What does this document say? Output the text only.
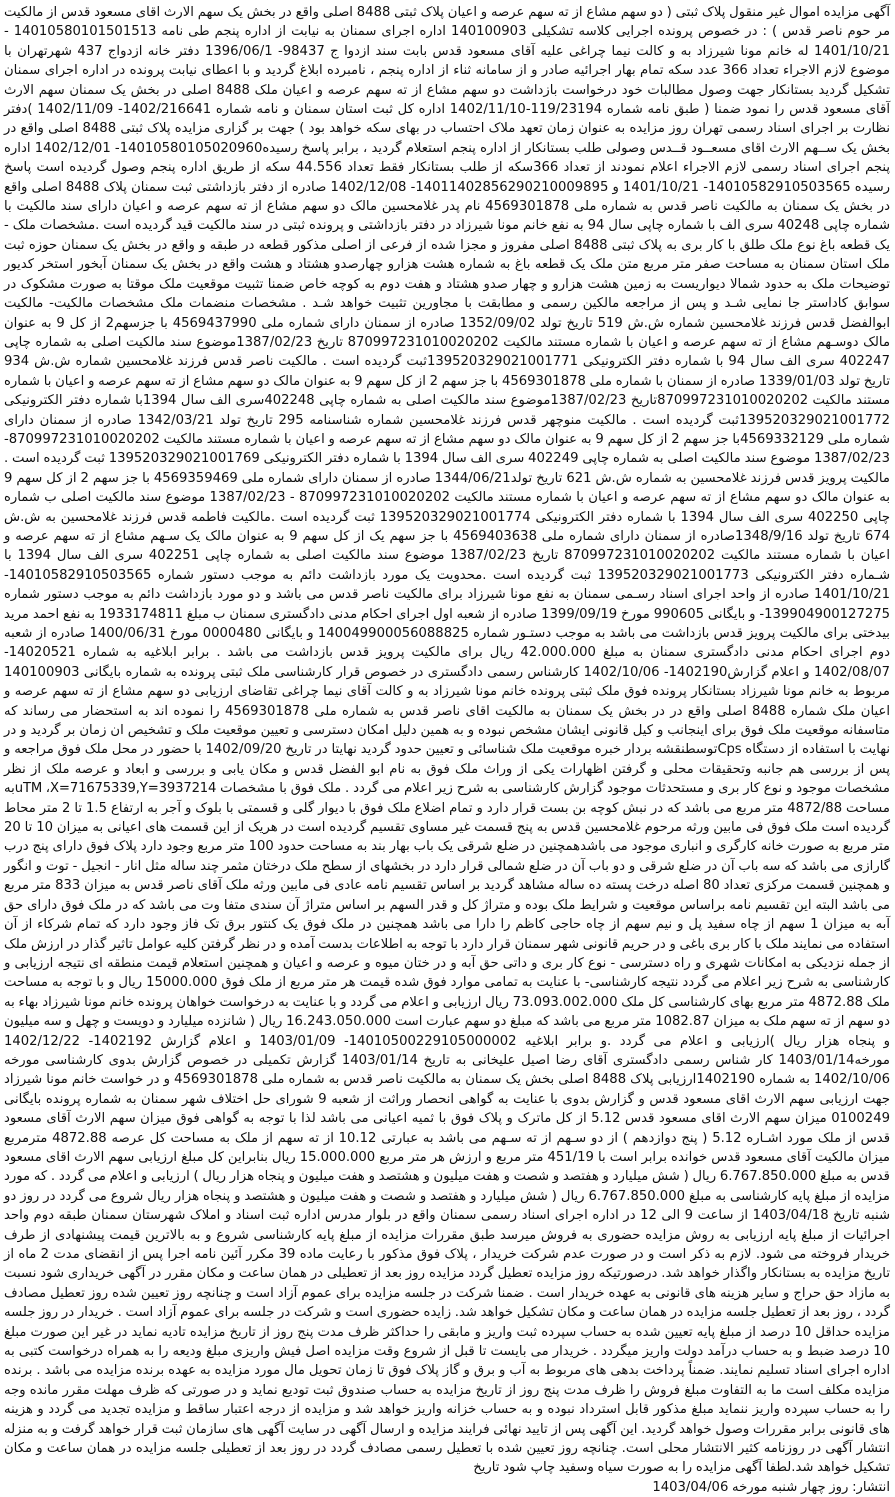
آگهی مزایده اموال غیر منقول پلاک ثبتی ( دو سهم مشاع از ته سهم عرصه و اعیان پلاک ثبتی 8488 اصلی واقع در بخش یک سهم الارث اقای مسعود قدس از مالکیت مر حوم ناصر قدس ) : در خصوص پرونده اجرایی کلاسه تشکیلی 140100903 اداره اجرای سمنان به نیابت از اداره پنجم طی نامه 14010580101501513 - 1401/10/21 له خانم مونا شیرزاد به و کالت نیما چراغی علیه آقای مسعود قدس بابت سند ازدوا ج 98437- 1396/06/1 دفتر خانه ازدواج 437 شهرتهران با موضوع لازم الاجراء تعداد 366 عدد سکه تمام بهار اجرائیه صادر و از سامانه ثناء از اداره پنجم ، نامبرده ابلاغ گردید و با اعطای نیابت پرونده در اداره اجرای سمنان تشکیل گردید بستانکار جهت وصول مطالبات خود درخواست بازداشت دو سهم مشاع از ته سهم عرصه و اعیان ملک 8488 اصلی در بخش یک سمنان سهم الارث آقای مسعود قدس را نمود ضمنا ( طبق نامه شماره 119/23194-1402/11/10 اداره کل ثبت استان سمنان و نامه شماره 1402/216641- 1402/11/09 )دفتر نظارت بر اجرای اسناد رسمی تهران روز مزایده به عنوان زمان تعهد ملاک احتساب در بهای سکه خواهد بود ) جهت بر گزاری مزایده پلاک ثبتی 8488 اصلی واقع در بخش یک ســهم الارث اقای مسعــود قــدس وصولی طلب بستانکار از اداره پنجم استعلام گردید ، برابر پاسخ رسیده14010580105020960- 1402/12/01 اداره پنجم اجرای اسناد رسمی لازم الاجراء اعلام نمودند از تعداد 366سکه از طلب بستانکار فقط تعداد 44.556 سکه از طریق اداره پنجم وصول گردیده است پاسخ رسیده 14010582910503565- 1401/10/21 و 14011402856290210009895- 1402/12/08 صادره از دفتر بازداشتی ثبت سمنان پلاک 8488 اصلی واقع در بخش یک سمنان به مالکیت ناصر قدس به شماره ملی 4569301878 نام پدر غلامحسین مالک دو سهم مشاع از ته سهم عرصه و اعیان دارای سند مالکیت با شماره چاپی 40248 سری الف با شماره چاپی سال 94 به نفع خانم مونا شیرزاد در دفتر بازداشتی و پرونده ثبتی در سند مالکیت قید گردیده است .مشخصات ملک - یک قطعه باغ نوع ملک طلق با کار بری به پلاک ثبتی 8488 اصلی مفروز و مجزا شده از فرعی از اصلی مذکور قطعه در طبقه و واقع در بخش یک سمنان حوزه ثبت ملک استان سمنان به مساحت صفر متر مربع متن ملک یک قطعه باغ به شماره هشت هزارو چهارصدو هشتاد و هشت واقع در بخش یک سمنان آبخور استخر کدیور توضیحات ملک به حدود شمالا دیواریست به زمین هشت هزارو و چهار صدو هشتاد و هفت دوم به کوچه خاص ضمنا تثبیت موقعیت ملک موقتا به صورت مشکوک در سوابق کاداستر جا نمایی شـد و پس از مراجعه مالکین رسمی و مطابقت با مجاورین تثبیت خواهد شـد . مشخصات منضمات ملک مشخصات مالکیت- مالکیت ابوالفضل قدس فرزند غلامحسین شماره ش.ش 519 تاریخ تولد 1352/09/02 صادره از سمنان دارای شماره ملی 4569437990 با جزسهم2 از کل 9 به عنوان مالک دوسـهم مشاع از ته سهم عرصه و اعیان با شماره مستند مالکیت 870997231010020202 تاریخ 1387/02/23موضوع سند مالکیت اصلی به شماره چاپی 402247 سری الف سال 94 با شماره دفتر الکترونیکی 139520329021001771ثبت گردیده است . مالکیت ناصر قدس فرزند غلامحسین شماره ش.ش 934 تاریخ تولد 1339/01/03 صادره از سمنان با شماره ملی 4569301878 با جز سهم 2 از کل سهم 9 به عنوان مالک دو سهم مشاع از ته سهم عرصه و اعیان با شماره مستند مالکیت 870997231010020202تاریخ 1387/02/23موضوع سند مالکیت اصلی به شماره چاپی 402248سری الف سال 1394با شماره دفتر الکترونیکی 139520329021001772ثبت گردیده است . مالکیت منوچهر قدس فرزند غلامحسین شماره شناسنامه 295 تاریخ تولد 1342/03/21 صادره از سمنان دارای شماره ملی 4569332129با جز سهم 2 از کل سهم 9 به عنوان مالک دو سهم مشاع از ته سهم عرصه و اعیان با شماره مستند مالکیت 870997231010020202- 1387/02/23 موضوع سند مالکیت اصلی به شماره چاپی 402249 سری الف سال 1394 با شماره دفتر الکترونیکی 139520329021001769 ثبت گردیده است . مالکیت پرویز قدس فرزند غلامحسین به شماره ش.ش 621 تاریخ تولد1344/06/21 صادره از سمنان دارای شماره ملی 4569359469 با جز سهم 2 از کل سهم 9 به عنوان مالک دو سهم مشاع از ته سهم عرصه و اعیان با شماره مستند مالکیت 870997231010020202 - 1387/02/23 موضوع سند مالکیت اصلی ب شماره چاپی 402250 سری الف سال 1394 با شماره دفتر الکترونیکی 139520329021001774 ثبت گردیده است .مالکیت فاطمه قدس فرزند غلامحسین به ش.ش 674 تاریخ تولد 1348/9/16صادره از سمنان دارای شماره ملی 4569403638 با جز سهم یک از کل سهم 9 به عنوان مالک یک سـهم مشاع از ته سهم عرصه و اعیان با شماره مستند مالکیت 870997231010020202 تاریخ 1387/02/23 موضوع سند مالکیت اصلی به شماره چاپی 402251 سری الف سال 1394 با شـماره دفتر الکترونیکی 139520329021001773 ثبت گردیده است .محدویت یک مورد بازداشت دائم به موجب دستور شماره 14010582910503565- 1401/10/21 صادره از واحد اجرای اسناد رسـمی سمنان به نفع مونا شیرزاد برای مالکیت ناصر قدس می باشد و دو مورد بازداشت دائم به موجب دستور شماره 139904900127275- و بایگانی 990605 مورخ 1399/09/19 صادره از شعبه اول اجرای احکام مدنی دادگستری سمنان ب مبلغ 1933174811 به نفع احمد مرید بیدختی برای مالکیت پرویز قدس بازداشت می باشد به موجب دستـور شماره 140049900056088825 و بایگانی 0000480 مورخ 1400/06/31 صادره از شعبه دوم اجرای احکام مدنی دادگستری سمنان به مبلغ 42.000.000 ریال برای مالکیت پرویز قدس بازداشت می باشد . برابر ابلاغیه به شماره 14020521-1402/08/07 و اعلام گزارش1402190- 1402/10/06 کارشناس رسمی دادگستری در خصوص قرار کارشناسی ملک ثبتی پرونده به شماره بایگانی 140100903 مربوط به خانم مونا شیرزاد بستانکار پرونده فوق ملک ثبتی پرونده خانم مونا شیرزاد به و کالت آقای نیما چراغی تقاضای ارزیابی دو سهم مشاع از ته سهم عرصه و اعیان ملک شماره 8488 اصلی واقع در در بخش یک سمنان به مالکیت اقای ناصر قدس به شماره ملی 4569301878 را نموده اند به استحضار می رساند که متاسفانه موقعیت ملک فوق برای اینجانب و کیل قانونی ایشان مشخص نبوده و به همین دلیل امکان دسترسی و تعیین موقعیت ملک و تشخیص ان زمان بر گردید و در نهایت با استفاده از دستگاه Cpsتوسطنقشه بردار خبره موقعیت ملک شناسائی و تعیین حدود گردید نهایتا در تاریخ 1402/09/20 با حضور در محل ملک فوق مراجعه و پس از بررسی هم جانبه وتحقیقات محلی و گرفتن اظهارات یکی از وراث ملک فوق به نام ابو الفضل قدس و مکان یابی و بررسی و ابعاد و عرصه ملک از نظر مشخصات موجود و نوع کار بری و مستحدثات موجود گزارش کارشناسی به شرح زیر اعلام می گردد . ملک فوق با مشخصات uTM ،X=71675339,Y=3937214به مساحت 4872/88 متر مربع می باشد که در نبش کوچه بن بست قرار دارد و تمام اضلاع ملک فوق با دیوار گلی و قسمتی با بلوک و آجر به ارتفاع 1.5 تا 2 متر محاط گردیده است ملک فوق فی مابین ورثه مرحوم غلامحسین قدس به پنج قسمت غیر مساوی تقسیم گردیده است در هریک از این قسمت های اعیانی به میزان 10 تا 20 متر مربع به صورت خانه کارگری و انباری موجود می باشدهمچنین در ضلع شرقی یک باب بهار بند به مساحت حدود 100 متر مربع وجود دارد پلاک فوق دارای پنج درب گارازی می باشد که سه باب آن در ضلع شرقی و دو باب آن در ضلع شمالی قرار دارد در بخشهای از سطح ملک درختان مثمر چند ساله مثل انار - انجیل - توت و انگور و همچنین قسمت مرکزی تعداد 80 اصله درخت پسته ده ساله مشاهد گردید بر اساس تقسیم نامه عادی فی مابین ورثه ملک آقای ناصر قدس به میزان 833 متر مربع می باشد البته این تقسیم نامه براساس موقعیت و شرایط ملک بوده و متراژ کل و قدر السهم بر اساس متراژ آن سندی متفا وت می باشد که در ملک فوق دارای حق آبه به میزان 1 سهم از چاه سفید پل و نیم سهم از چاه حاجی کاظم را دارا می باشد همچنین در ملک فوق یک کنتور برق تک فاز وجود دارد که تمام شرکاء از آن استفاده می نمایند ملک با کار بری باغی و در حریم قانونی شهر سمنان قرار دارد با توجه به اطلاعات بدست آمده و در نظر گرفتن کلیه عوامل تاثیر گذار در ارزش ملک از جمله نزدیکی به امکانات شهری و راه دسترسی - نوع کار بری و داتی حق آبه و در ختان میوه و عرصه و اعیان و همچنین استعلام قیمت منطقه ای نتیجه ارزیابی و کارشناسی به شرح زیر اعلام می گردد نتیجه کارشناسی- با عنایت به تمامی موارد فوق شده قیمت هر متر مربع از ملک فوق 15000.000 ریال و با توجه به مساحت ملک 4872.88 متر مربع بهای کارشناسی کل ملک 73.093.002.000 ریال ارزیابی و اعلام می گردد و با عنایت به درخواست خواهان پرونده خانم مونا شیرزاد بهاء به دو سهم از ته سهم ملک به میزان 1082.87 متر مربع می باشد که مبلغ دو سهم عبارت است 16.243.050.000 ریال ( شانزده میلیارد و دویست و چهل و سه میلیون و پنجاه هزار ریال )ارزیابی و اعلام می گردد .و برابر ابلاغیه 14010500229105000002- 1403/01/09 و اعلام گزارش 1402192- 1402/12/22 مورخه1403/01/14 کار شناس رسمی دادگستری آقای رضا اصیل علیخانی به تاریخ 1403/01/14 گزارش تکمیلی در خصوص گزارش بدوی کارشناسی مورخه 1402/10/06 به شماره 1402190ارزیابی پلاک 8488 اصلی بخش یک سمنان به مالکیت ناصر قدس به شماره ملی 4569301878 و در خواست خانم مونا شیرزاد جهت ارزیابی سهم الارث اقای مسعود قدس و گزارش بدوی با عنایت به گواهی انحصار وراثت از شعبه 9 شورای حل اختلاف شهر سمنان به شماره پرونده بایگانی 0100249 میزان سهم الارث اقای مسعود قدس 5.12 از کل ماترک و پلاک فوق با ثمیه اعیانی می باشد لذا با توجه به گواهی فوق میزان سهم الارث آقای مسعود قدس از ملک مورد اشـاره 5.12 ( پنج دوازدهم ) از دو سـهم از ته سـهم می باشد به عبارتی 10.12 از ته سهم از ملک به مساحت کل عرصه 4872.88 مترمربع میزان مالکیت آقای مسعود قدس خوانده برابر است با 451/19 متر مربع و ارزش هر متر مربع 15.000.000 ریال بنابراین کل مبلغ ارزیابی سهم الارث اقای مسعود قدس به مبلغ 6.767.850.000 ریال ( شش میلیارد و هفتصد و شصت و هفت میلیون و هشتصد و هفت میلیون و پنجاه هزار ریال ) ارزیابی و اعلام می گردد . که مورد مزایده از مبلغ پایه کارشناسی به مبلغ 6.767.850.000 ریال ( شش میلیارد و هفتصد و شصت و هفت میلیون و هشتصد و پنجاه هزار ریال شروع می گردد در روز دو شنبه تاریخ 1403/04/18 از ساعت 9 الی 12 در اداره اجرای اسناد رسمی سمنان واقع در بلوار مدرس اداره ثبت اسناد و املاک شهرستان سمنان طبقه دوم واحد اجرائیات از مبلغ پایه ارزیابی به روش مزایده حضوری به فروش میرسد طبق مقررات مزایده از مبلغ پایه کارشناسی شروع و به بالاترین قیمت پیشنهادی از طرف خریدار فروخته می شود. لازم به ذکر است و در صورت عدم شرکت خریدار ، پلاک فوق مذکور با رعایت ماده 39 مکرر آئین نامه اجرا پس از انقضای مدت 2 ماه از تاریخ مزایده به بستانکار واگذار خواهد شد. درصورتیکه روز مزایده تعطیل گردد مزایده روز بعد از تعطیلی در همان ساعت و مکان مقرر در آگهی خریداری شود نسبت به مازاد حق حراج و سایر هزینه های قانونی به عهده خریدار است . ضمنا شرکت در جلسه مزایده برای عموم آزاد است و چنانچه روز تعیین شده روز تعطیل مصادف گردد ، روز بعد از تعطیل جلسه مزایده در همان ساعت و مکان تشکیل خواهد شد. زایده حضوری است و شرکت در جلسه برای عموم آزاد است . خریدار در روز جلسه مزایده حداقل 10 درصد از مبلغ پایه تعیین شده به حساب سپرده ثبت واریز و مابقی را حداکثر ظرف مدت پنج روز از تاریخ مزایده تادیه نماید در غیر این صورت مبلغ 10 درصد ضبط و به حساب درآمد دولت واریز میگردد . خریدار می بایست تا قبل از شروع وقت مزایده اصل فیش واریزی مبلغ ودیعه را به همراه درخواست کتبی به اداره اجرای اسناد تسلیم نمایند. ضمناً پرداخت بدهی های مربوط به آب و برق و گاز پلاک فوق تا زمان تحویل مال مورد مزایده به عهده برنده مزایده می باشد . برنده مزایده مکلف است ما به التفاوت مبلغ فروش را ظرف مدت پنج روز از تاریخ مزایده به حساب صندوق ثبت تودیع نماید و در صورتی که ظرف مهلت مقرر مانده وجه را به حساب سپرده واریز ننماید مبلغ مذکور قابل استرداد نبوده و به حساب خزانه واریز خواهد شد و مزایده از درجه اعتبار ساقط و مزایده تجدید می گردد و هزینه های قانونی برابر مقررات وصول خواهد گردید. این آگهی پس از تایید نهائی فرایند مزایده و ارسال آگهی در سایت آگهی های سازمان ثبت قرار خواهد گرفت و به منزله انتشار آگهی در روزنامه کثیر الانتشار محلی است. چنانچه روز تعیین شده با تعطیل رسمی مصادف گردد در روز بعد از تعطیلی جلسه مزایده در همان ساعت و مکان تشکیل خواهد شد.لطفا آگهی مزایده را به صورت سیاه وسفید چاپ شود تاریخ

انتشار: روز چهار شنبه مورخه 1403/04/06
